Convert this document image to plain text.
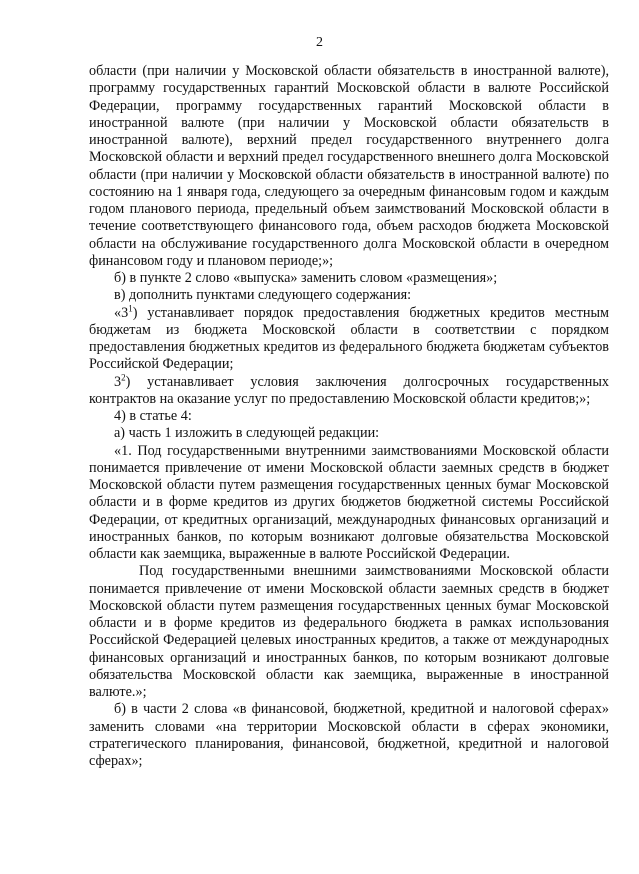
2

области (при наличии у Московской области обязательств в иностранной валюте), программу государственных гарантий Московской области в валюте Российской Федерации, программу государственных гарантий Московской области в иностранной валюте (при наличии у Московской области обязательств в иностранной валюте), верхний предел государственного внутреннего долга Московской области и верхний предел государственного внешнего долга Московской области (при наличии у Московской области обязательств в иностранной валюте) по состоянию на 1 января года, следующего за очередным финансовым годом и каждым годом планового периода, предельный объем заимствований Московской области в течение соответствующего финансового года, объем расходов бюджета Московской области на обслуживание государственного долга Московской области в очередном финансовом году и плановом периоде;»;

б) в пункте 2 слово «выпуска» заменить словом «размещения»;

в) дополнить пунктами следующего содержания:

«$3^1$) устанавливает порядок предоставления бюджетных кредитов местным бюджетам из бюджета Московской области в соответствии с порядком предоставления бюджетных кредитов из федерального бюджета бюджетам субъектов Российской Федерации;

$3^2$) устанавливает условия заключения долгосрочных государственных контрактов на оказание услуг по предоставлению Московской области кредитов;»;

4) в статье 4:

а) часть 1 изложить в следующей редакции:

«1. Под государственными внутренними заимствованиями Московской области понимается привлечение от имени Московской области заемных средств в бюджет Московской области путем размещения государственных ценных бумаг Московской области и в форме кредитов из других бюджетов бюджетной системы Российской Федерации, от кредитных организаций, международных финансовых организаций и иностранных банков, по которым возникают долговые обязательства Московской области как заемщика, выраженные в валюте Российской Федерации.

Под государственными внешними заимствованиями Московской области понимается привлечение от имени Московской области заемных средств в бюджет Московской области путем размещения государственных ценных бумаг Московской области и в форме кредитов из федерального бюджета в рамках использования Российской Федерацией целевых иностранных кредитов, а также от международных финансовых организаций и иностранных банков, по которым возникают долговые обязательства Московской области как заемщика, выраженные в иностранной валюте.»;

б) в части 2 слова «в финансовой, бюджетной, кредитной и налоговой сферах» заменить словами «на территории Московской области в сферах экономики, стратегического планирования, финансовой, бюджетной, кредитной и налоговой сферах»;
